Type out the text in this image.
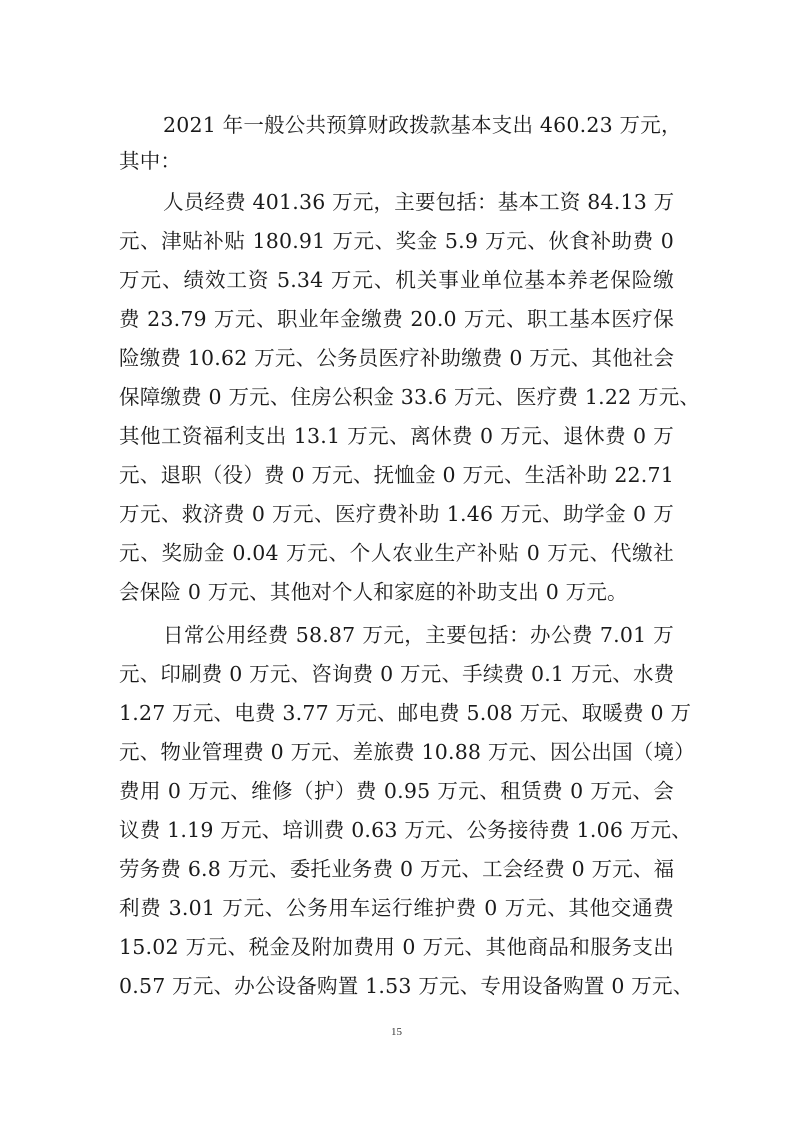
2021 年一般公共预算财政拨款基本支出 460.23 万元，
其中：
人员经费 401.36 万元，主要包括：基本工资 84.13 万
元、津贴补贴 180.91 万元、奖金 5.9 万元、伙食补助费 0
万元、绩效工资 5.34 万元、机关事业单位基本养老保险缴
费 23.79 万元、职业年金缴费 20.0 万元、职工基本医疗保
险缴费 10.62 万元、公务员医疗补助缴费 0 万元、其他社会
保障缴费 0 万元、住房公积金 33.6 万元、医疗费 1.22 万元、
其他工资福利支出 13.1 万元、离休费 0 万元、退休费 0 万
元、退职（役）费 0 万元、抚恤金 0 万元、生活补助 22.71
万元、救济费 0 万元、医疗费补助 1.46 万元、助学金 0 万
元、奖励金 0.04 万元、个人农业生产补贴 0 万元、代缴社
会保险 0 万元、其他对个人和家庭的补助支出 0 万元。
日常公用经费 58.87 万元，主要包括：办公费 7.01 万
元、印刷费 0 万元、咨询费 0 万元、手续费 0.1 万元、水费
1.27 万元、电费 3.77 万元、邮电费 5.08 万元、取暖费 0 万
元、物业管理费 0 万元、差旅费 10.88 万元、因公出国（境）
费用 0 万元、维修（护）费 0.95 万元、租赁费 0 万元、会
议费 1.19 万元、培训费 0.63 万元、公务接待费 1.06 万元、
劳务费 6.8 万元、委托业务费 0 万元、工会经费 0 万元、福
利费 3.01 万元、公务用车运行维护费 0 万元、其他交通费
15.02 万元、税金及附加费用 0 万元、其他商品和服务支出
0.57 万元、办公设备购置 1.53 万元、专用设备购置 0 万元、
15
